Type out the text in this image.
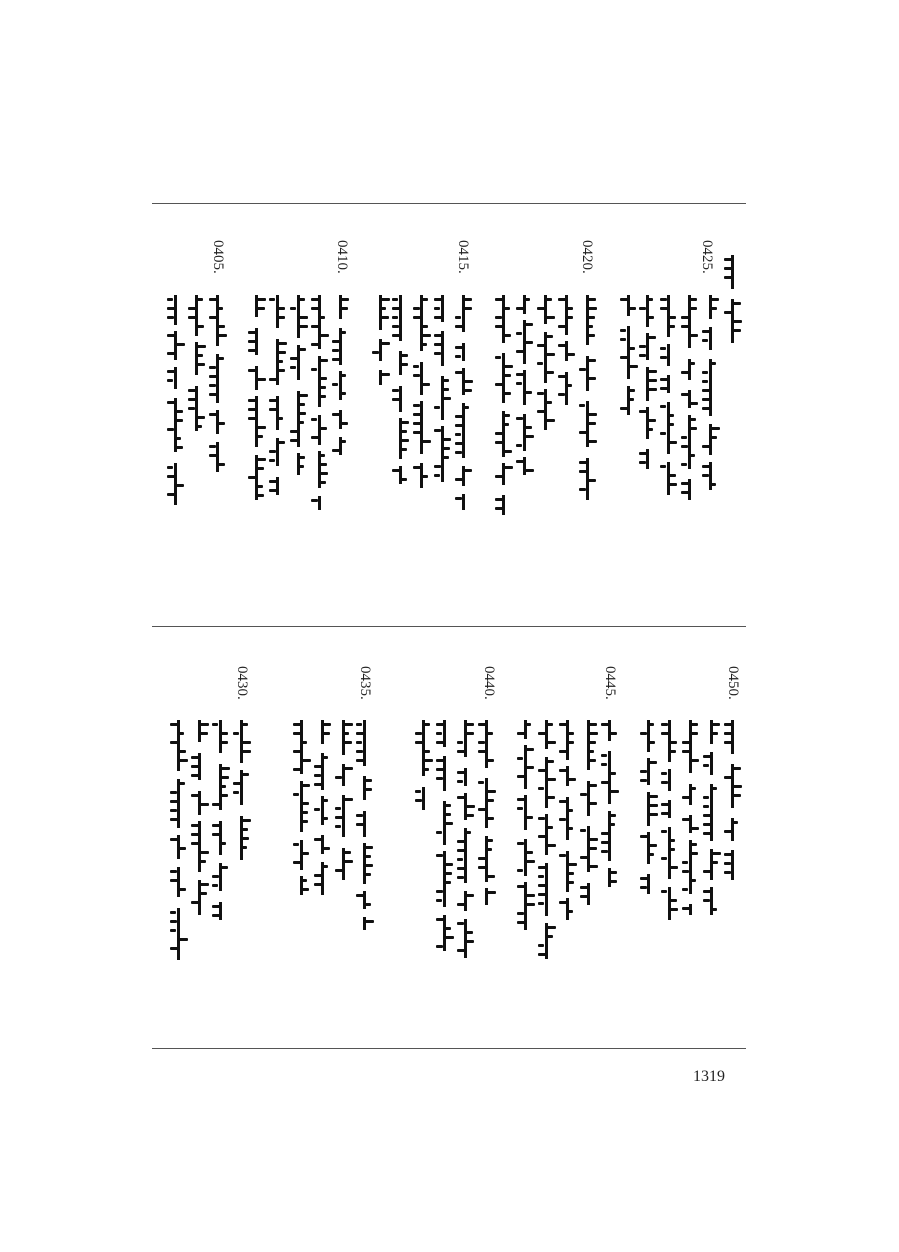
0425.
0420.
0415.
0410.
0405.
0450.
0445.
0440.
0435.
0430.
1319
